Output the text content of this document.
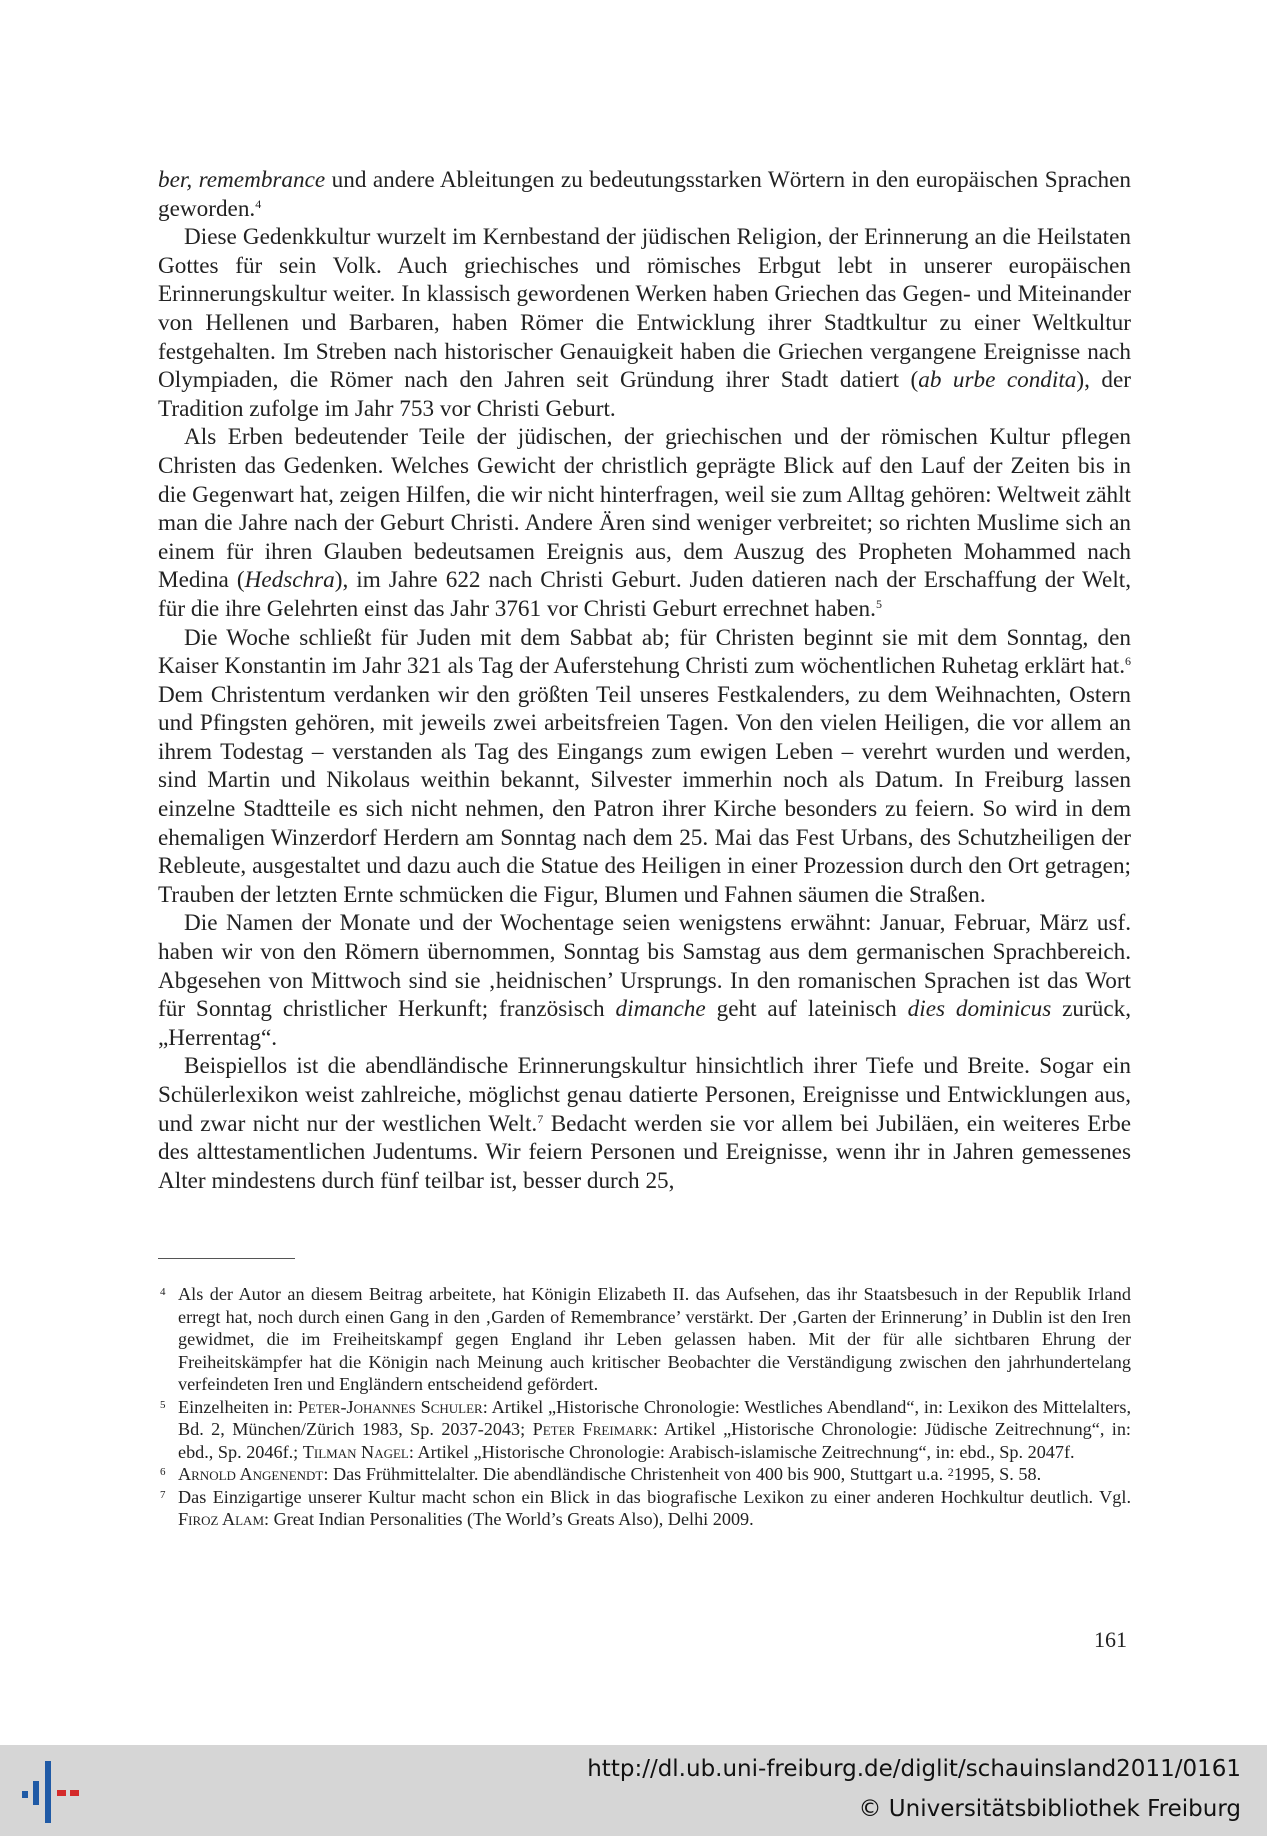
ber, remembrance und andere Ableitungen zu bedeutungsstarken Wörtern in den europäischen Sprachen geworden.$^4$

Diese Gedenkkultur wurzelt im Kernbestand der jüdischen Religion, der Erinnerung an die Heilstaten Gottes für sein Volk. Auch griechisches und römisches Erbgut lebt in unserer europäischen Erinnerungskultur weiter. In klassisch gewordenen Werken haben Griechen das Gegen- und Miteinander von Hellenen und Barbaren, haben Römer die Entwicklung ihrer Stadtkultur zu einer Weltkultur festgehalten. Im Streben nach historischer Genauigkeit haben die Griechen vergangene Ereignisse nach Olympiaden, die Römer nach den Jahren seit Gründung ihrer Stadt datiert (ab urbe condita), der Tradition zufolge im Jahr 753 vor Christi Geburt.

Als Erben bedeutender Teile der jüdischen, der griechischen und der römischen Kultur pflegen Christen das Gedenken. Welches Gewicht der christlich geprägte Blick auf den Lauf der Zeiten bis in die Gegenwart hat, zeigen Hilfen, die wir nicht hinterfragen, weil sie zum Alltag gehören: Weltweit zählt man die Jahre nach der Geburt Christi. Andere Ären sind weniger verbreitet; so richten Muslime sich an einem für ihren Glauben bedeutsamen Ereignis aus, dem Auszug des Propheten Mohammed nach Medina (Hedschra), im Jahre 622 nach Christi Geburt. Juden datieren nach der Erschaffung der Welt, für die ihre Gelehrten einst das Jahr 3761 vor Christi Geburt errechnet haben.$^5$

Die Woche schließt für Juden mit dem Sabbat ab; für Christen beginnt sie mit dem Sonntag, den Kaiser Konstantin im Jahr 321 als Tag der Auferstehung Christi zum wöchentlichen Ruhetag erklärt hat.$^6$ Dem Christentum verdanken wir den größten Teil unseres Festkalenders, zu dem Weihnachten, Ostern und Pfingsten gehören, mit jeweils zwei arbeitsfreien Tagen. Von den vielen Heiligen, die vor allem an ihrem Todestag – verstanden als Tag des Eingangs zum ewigen Leben – verehrt wurden und werden, sind Martin und Nikolaus weithin bekannt, Silvester immerhin noch als Datum. In Freiburg lassen einzelne Stadtteile es sich nicht nehmen, den Patron ihrer Kirche besonders zu feiern. So wird in dem ehemaligen Winzerdorf Herdern am Sonntag nach dem 25. Mai das Fest Urbans, des Schutzheiligen der Rebleute, ausgestaltet und dazu auch die Statue des Heiligen in einer Prozession durch den Ort getragen; Trauben der letzten Ernte schmücken die Figur, Blumen und Fahnen säumen die Straßen.

Die Namen der Monate und der Wochentage seien wenigstens erwähnt: Januar, Februar, März usf. haben wir von den Römern übernommen, Sonntag bis Samstag aus dem germanischen Sprachbereich. Abgesehen von Mittwoch sind sie ‚heidnischen’ Ursprungs. In den romanischen Sprachen ist das Wort für Sonntag christlicher Herkunft; französisch dimanche geht auf lateinisch dies dominicus zurück, „Herrentag“.

Beispiellos ist die abendländische Erinnerungskultur hinsichtlich ihrer Tiefe und Breite. Sogar ein Schülerlexikon weist zahlreiche, möglichst genau datierte Personen, Ereignisse und Entwicklungen aus, und zwar nicht nur der westlichen Welt.$^7$ Bedacht werden sie vor allem bei Jubiläen, ein weiteres Erbe des alttestamentlichen Judentums. Wir feiern Personen und Ereignisse, wenn ihr in Jahren gemessenes Alter mindestens durch fünf teilbar ist, besser durch 25,

4 Als der Autor an diesem Beitrag arbeitete, hat Königin Elizabeth II. das Aufsehen, das ihr Staatsbesuch in der Republik Irland erregt hat, noch durch einen Gang in den ‚Garden of Remembrance’ verstärkt. Der ‚Garten der Erinnerung’ in Dublin ist den Iren gewidmet, die im Freiheitskampf gegen England ihr Leben gelassen haben. Mit der für alle sichtbaren Ehrung der Freiheitskämpfer hat die Königin nach Meinung auch kritischer Beobachter die Verständigung zwischen den jahrhundertelang verfeindeten Iren und Engländern entscheidend gefördert.
5 Einzelheiten in: Peter-Johannes Schuler: Artikel „Historische Chronologie: Westliches Abendland“, in: Lexikon des Mittelalters, Bd. 2, München/Zürich 1983, Sp. 2037-2043; Peter Freimark: Artikel „Historische Chronologie: Jüdische Zeitrechnung“, in: ebd., Sp. 2046f.; Tilman Nagel: Artikel „Historische Chronologie: Arabisch-islamische Zeitrechnung“, in: ebd., Sp. 2047f.
6 Arnold Angenendt: Das Frühmittelalter. Die abendländische Christenheit von 400 bis 900, Stuttgart u.a. $^2$1995, S. 58.
7 Das Einzigartige unserer Kultur macht schon ein Blick in das biografische Lexikon zu einer anderen Hochkultur deutlich. Vgl. Firoz Alam: Great Indian Personalities (The World’s Greats Also), Delhi 2009.
161
http://dl.ub.uni-freiburg.de/diglit/schauinsland2011/0161
© Universitätsbibliothek Freiburg
